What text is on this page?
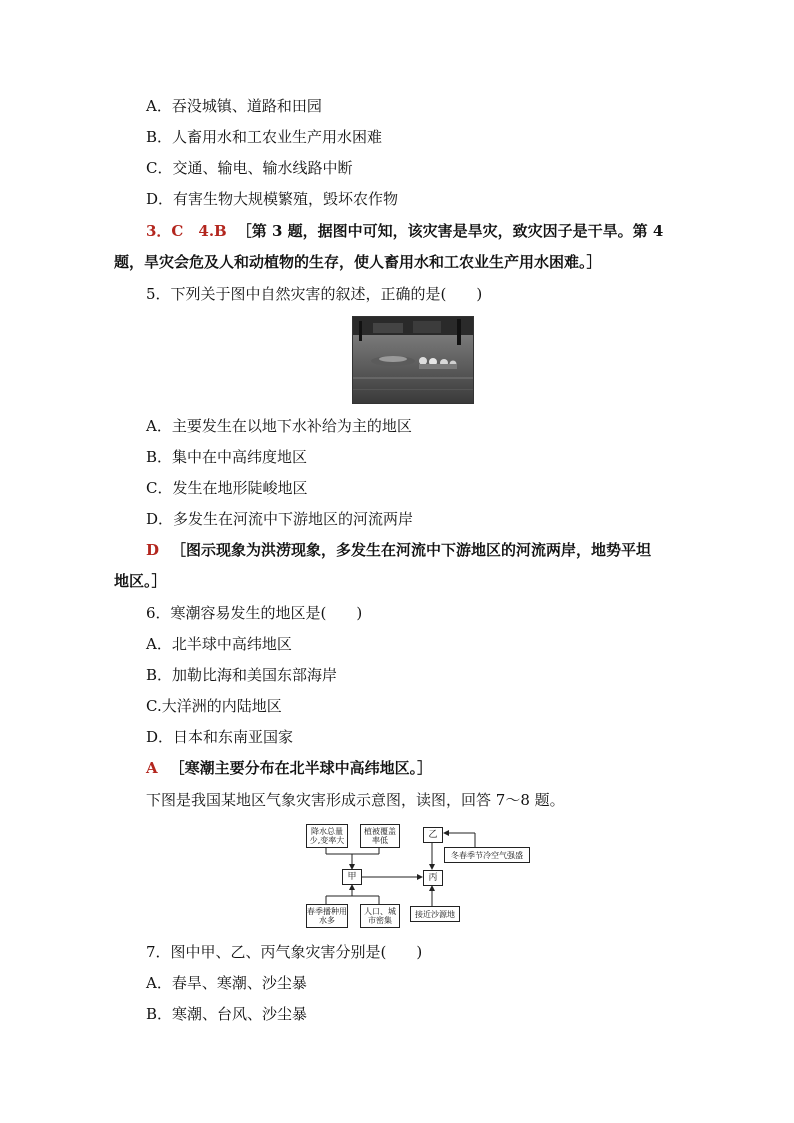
A．吞没城镇、道路和田园
B．人畜用水和工农业生产用水困难
C．交通、输电、输水线路中断
D．有害生物大规模繁殖，毁坏农作物
3．C　4.B ［第 3 题，据图中可知，该灾害是旱灾，致灾因子是干旱。第 4
题，旱灾会危及人和动植物的生存，使人畜用水和工农业生产用水困难。］
5．下列关于图中自然灾害的叙述，正确的是(　　)
A．主要发生在以地下水补给为主的地区
B．集中在中高纬度地区
C．发生在地形陡峻地区
D．多发生在河流中下游地区的河流两岸
D ［图示现象为洪涝现象，多发生在河流中下游地区的河流两岸，地势平坦
地区。］
6．寒潮容易发生的地区是(　　)
A．北半球中高纬地区
B．加勒比海和美国东部海岸
C.大洋洲的内陆地区
D．日本和东南亚国家
A ［寒潮主要分布在北半球中高纬地区。］
下图是我国某地区气象灾害形成示意图，读图，回答 7～8 题。
降水总量少,变率大
植被覆盖率低
甲
乙
丙
冬春季节冷空气强盛
春季播种用水多
人口、城市密集
接近沙源地
7．图中甲、乙、丙气象灾害分别是(　　)
A．春旱、寒潮、沙尘暴
B．寒潮、台风、沙尘暴
